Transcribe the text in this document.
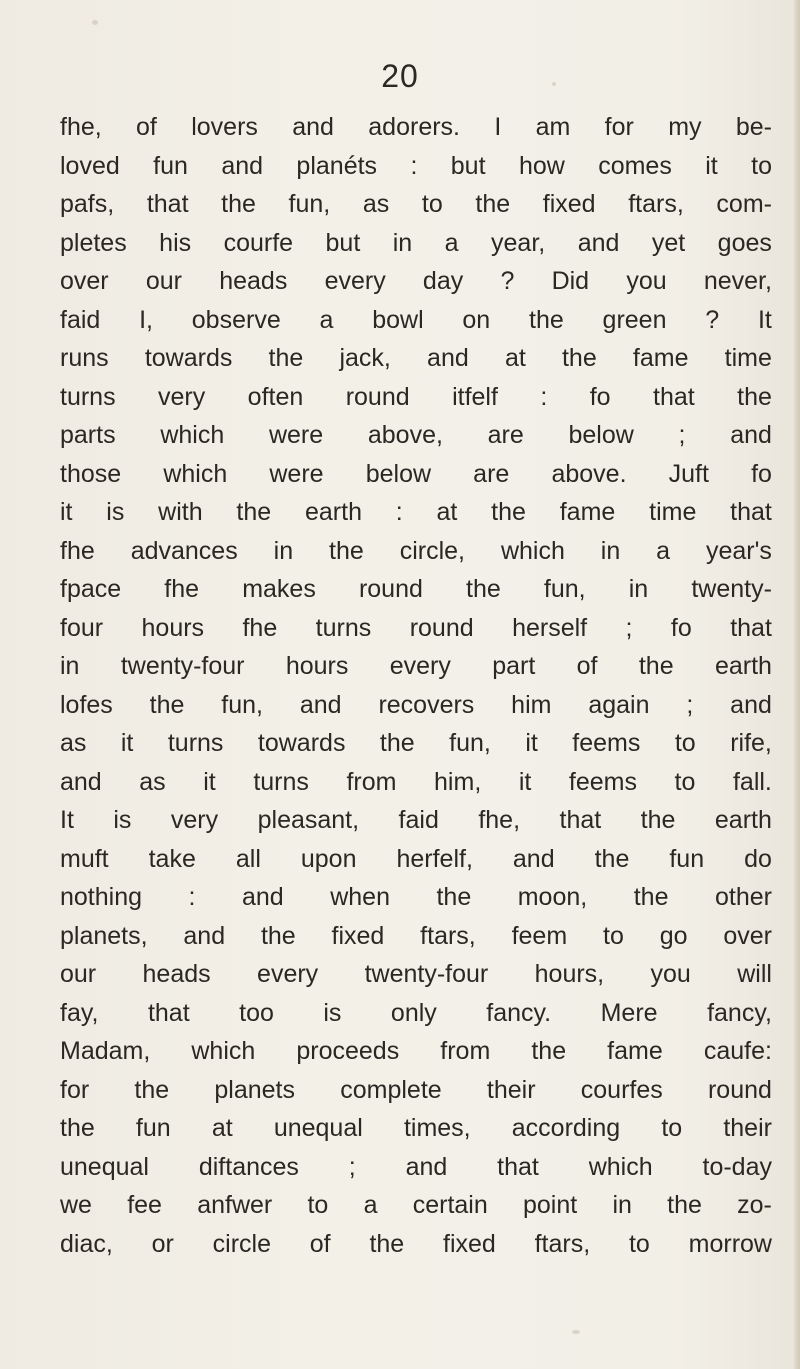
20
fhe, of lovers and adorers. I am for my be-
loved fun and planéts : but how comes it to
pafs, that the fun, as to the fixed ftars, com-
pletes his courfe but in a year, and yet goes
over our heads every day ? Did you never,
faid I, observe a bowl on the green ? It
runs towards the jack, and at the fame time
turns very often round itfelf : fo that the
parts which were above, are below ; and
those which were below are above. Juft fo
it is with the earth : at the fame time that
fhe advances in the circle, which in a year's
fpace fhe makes round the fun, in twenty-
four hours fhe turns round herself ; fo that
in twenty-four hours every part of the earth
lofes the fun, and recovers him again ; and
as it turns towards the fun, it feems to rife,
and as it turns from him, it feems to fall.
It is very pleasant, faid fhe, that the earth
muft take all upon herfelf, and the fun do
nothing : and when the moon, the other
planets, and the fixed ftars, feem to go over
our heads every twenty-four hours, you will
fay, that too is only fancy. Mere fancy,
Madam, which proceeds from the fame caufe:
for the planets complete their courfes round
the fun at unequal times, according to their
unequal diftances ; and that which to-day
we fee anfwer to a certain point in the zo-
diac, or circle of the fixed ftars, to morrow
